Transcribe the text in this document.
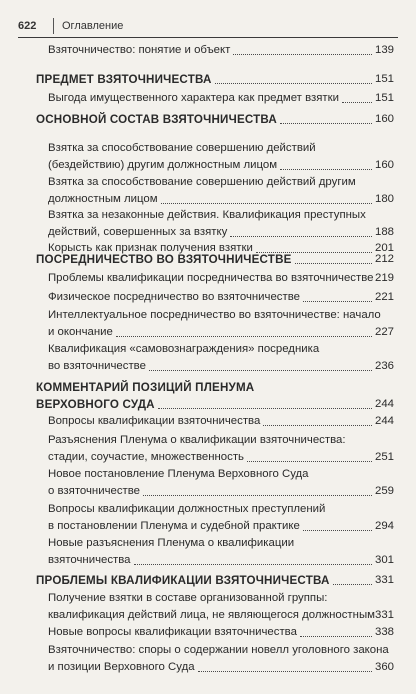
622 Оглавление
Взяточничество: понятие и объект	139
ПРЕДМЕТ ВЗЯТОЧНИЧЕСТВА	151
Выгода имущественного характера как предмет взятки	151
ОСНОВНОЙ СОСТАВ ВЗЯТОЧНИЧЕСТВА	160
Взятка за способствование совершению действий
(бездействию) другим должностным лицом	160
Взятка за способствование совершению действий другим
должностным лицом	180
Взятка за незаконные действия. Квалификация преступных
действий, совершенных за взятку	188
Корысть как признак получения взятки	201
ПОСРЕДНИЧЕСТВО ВО ВЗЯТОЧНИЧЕСТВЕ	212
Проблемы квалификации посредничества во взяточничестве 219
Физическое посредничество во взяточничестве	221
Интеллектуальное посредничество во взяточничестве: начало
и окончание	227
Квалификация «самовознаграждения» посредника
во взяточничестве	236
КОММЕНТАРИЙ ПОЗИЦИЙ ПЛЕНУМА
ВЕРХОВНОГО СУДА	244
Вопросы квалификации взяточничества	244
Разъяснения Пленума о квалификации взяточничества:
стадии, соучастие, множественность	251
Новое постановление Пленума Верховного Суда
о взяточничестве	259
Вопросы квалификации должностных преступлений
в постановлении Пленума и судебной практике	294
Новые разъяснения Пленума о квалификации
взяточничества	301
ПРОБЛЕМЫ КВАЛИФИКАЦИИ ВЗЯТОЧНИЧЕСТВА	331
Получение взятки в составе организованной группы:
квалификация действий лица, не являющегося должностным 331
Новые вопросы квалификации взяточничества	338
Взяточничество: споры о содержании новелл уголовного закона
и позиции Верховного Суда	360
